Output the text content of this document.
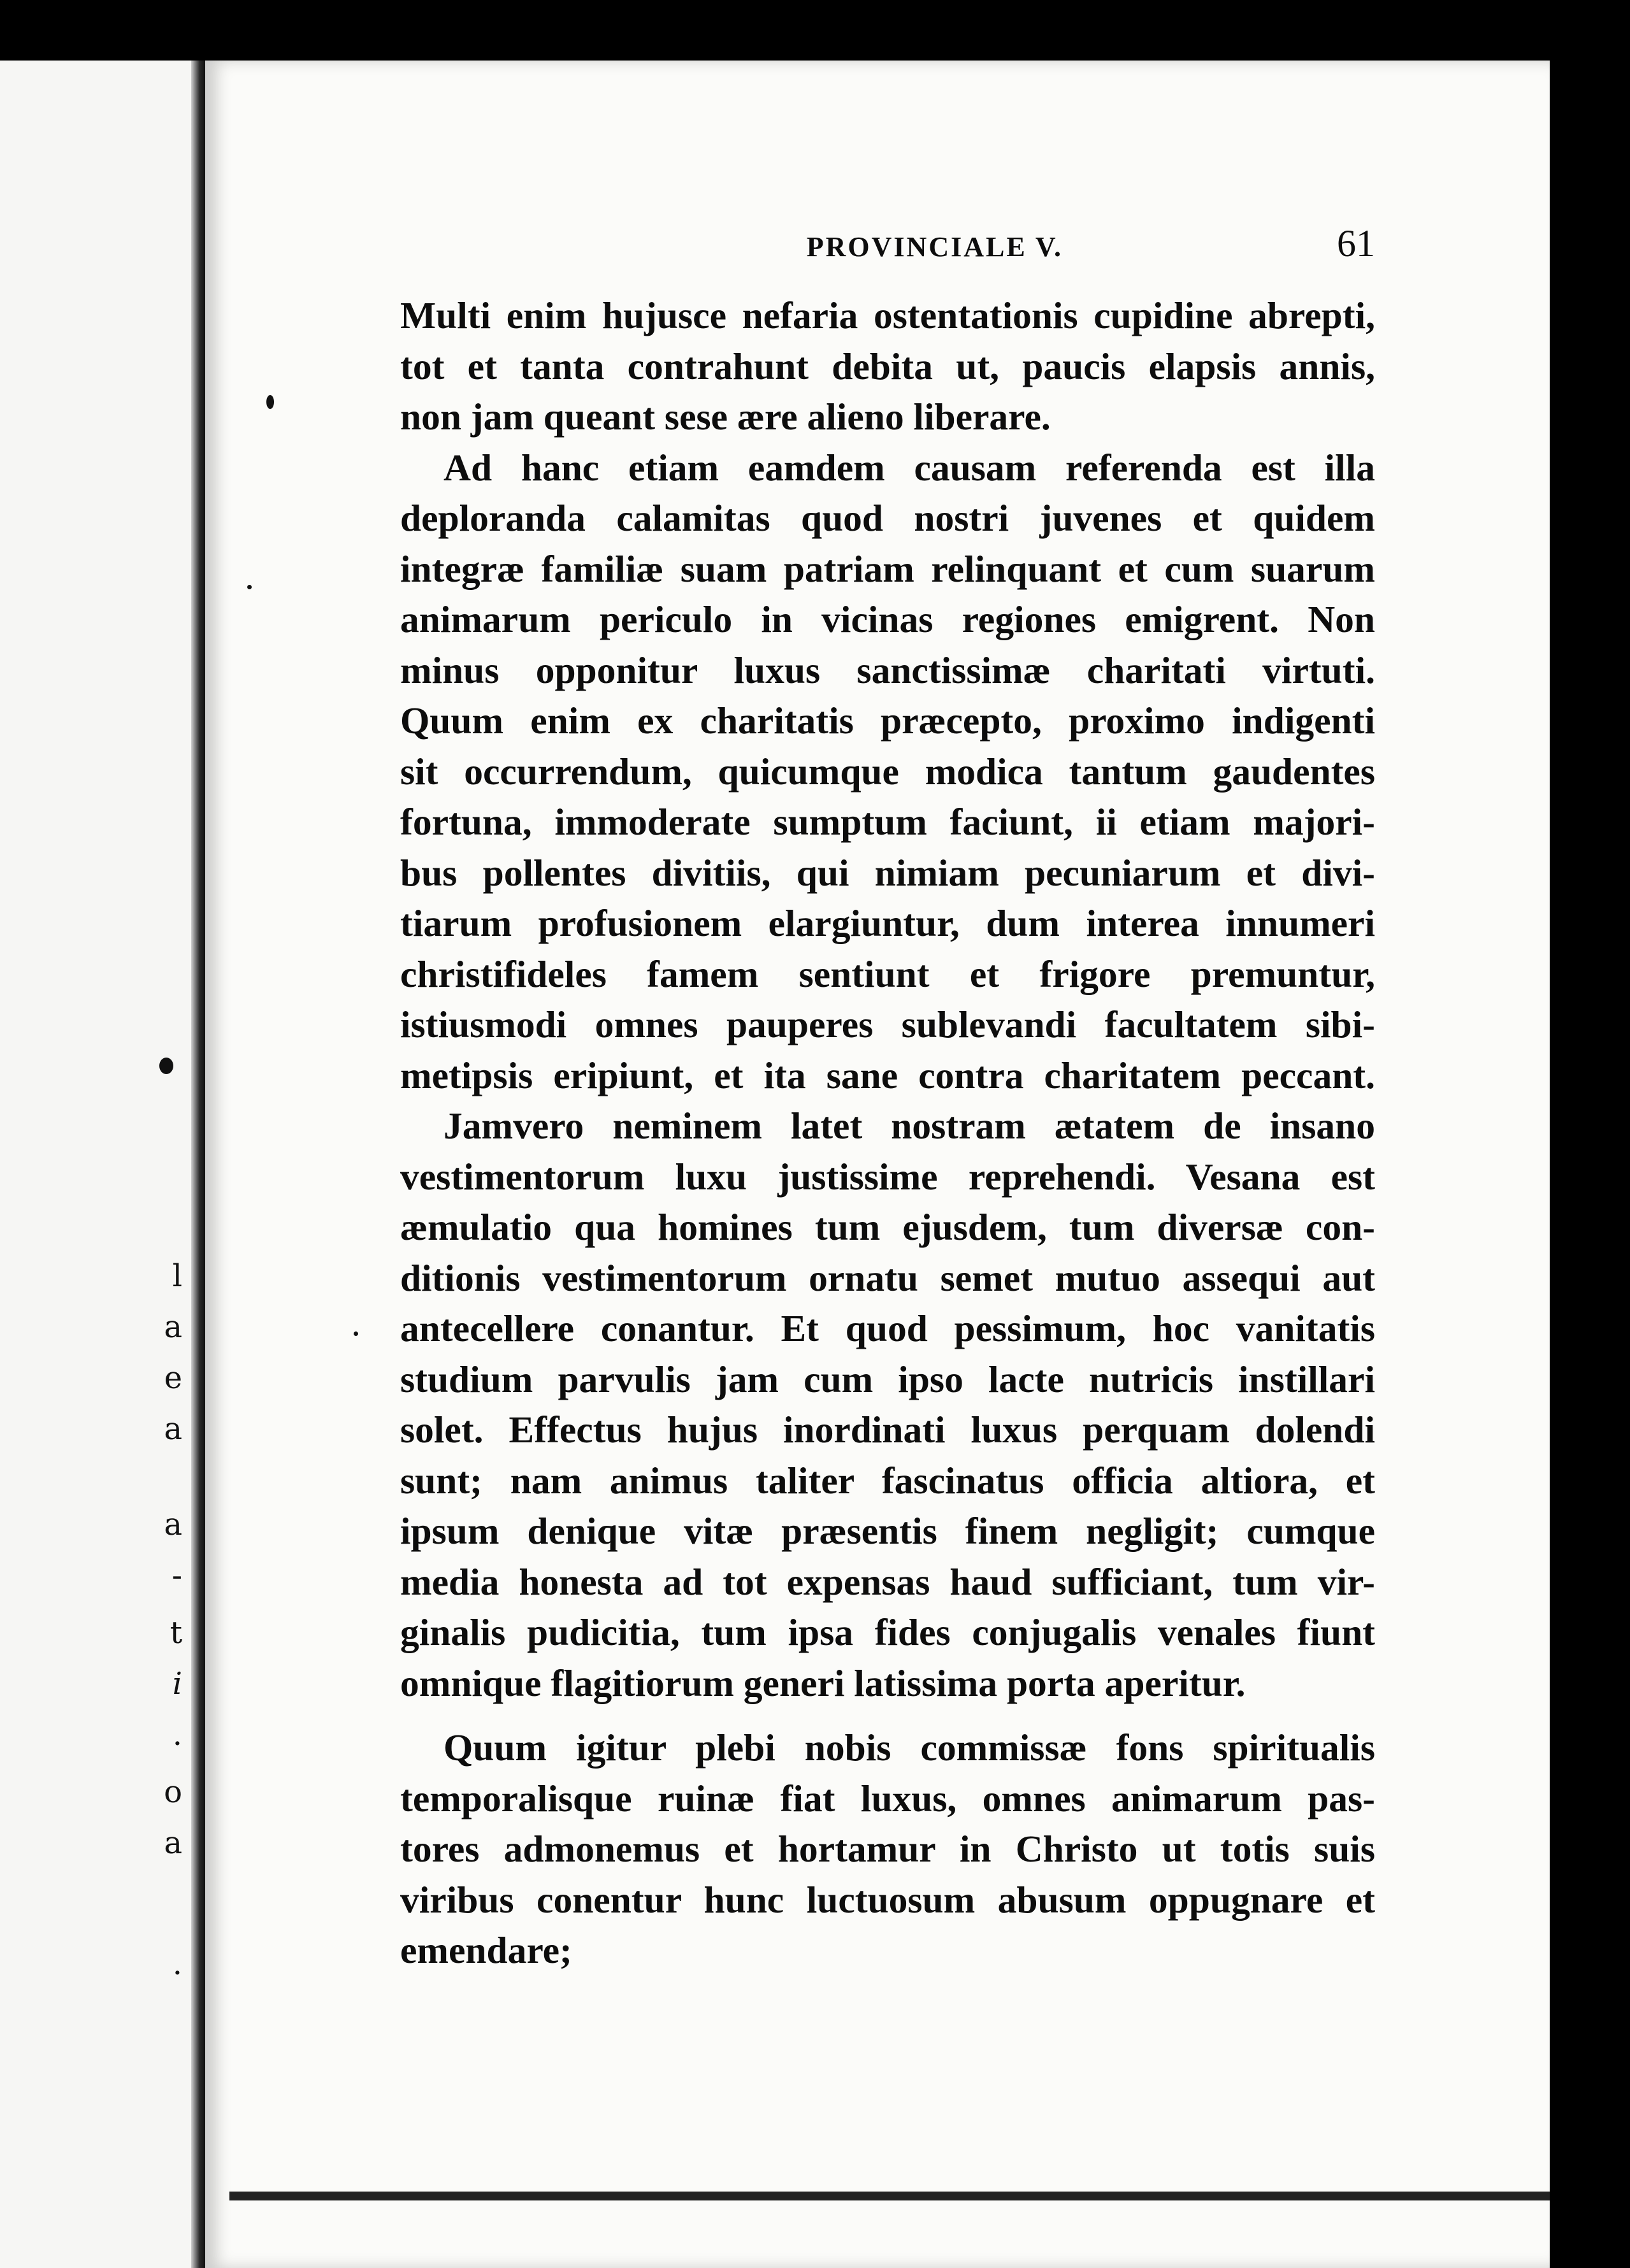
l
a
e
a
a
-
t
i
.
o
a
.
PROVINCIALE V.	61

Multi enim hujusce nefaria ostentationis cupidine abrepti,
tot et tanta contrahunt debita ut, paucis elapsis annis,
non jam queant sese ære alieno liberare.

Ad hanc etiam eamdem causam referenda est illa
deploranda calamitas quod nostri juvenes et quidem
integræ familiæ suam patriam relinquant et cum suarum
animarum periculo in vicinas regiones emigrent. Non
minus opponitur luxus sanctissimæ charitati virtuti.
Quum enim ex charitatis præcepto, proximo indigenti
sit occurrendum, quicumque modica tantum gaudentes
fortuna, immoderate sumptum faciunt, ii etiam majori-
bus pollentes divitiis, qui nimiam pecuniarum et divi-
tiarum profusionem elargiuntur, dum interea innumeri
christifideles famem sentiunt et frigore premuntur,
istiusmodi omnes pauperes sublevandi facultatem sibi-
metipsis eripiunt, et ita sane contra charitatem peccant.

Jamvero neminem latet nostram ætatem de insano
vestimentorum luxu justissime reprehendi. Vesana est
æmulatio qua homines tum ejusdem, tum diversæ con-
ditionis vestimentorum ornatu semet mutuo assequi aut
antecellere conantur. Et quod pessimum, hoc vanitatis
studium parvulis jam cum ipso lacte nutricis instillari
solet. Effectus hujus inordinati luxus perquam dolendi
sunt; nam animus taliter fascinatus officia altiora, et
ipsum denique vitæ præsentis finem negligit; cumque
media honesta ad tot expensas haud sufficiant, tum vir-
ginalis pudicitia, tum ipsa fides conjugalis venales fiunt
omnique flagitiorum generi latissima porta aperitur.

Quum igitur plebi nobis commissæ fons spiritualis
temporalisque ruinæ fiat luxus, omnes animarum pas-
tores admonemus et hortamur in Christo ut totis suis
viribus conentur hunc luctuosum abusum oppugnare et
emendare;
